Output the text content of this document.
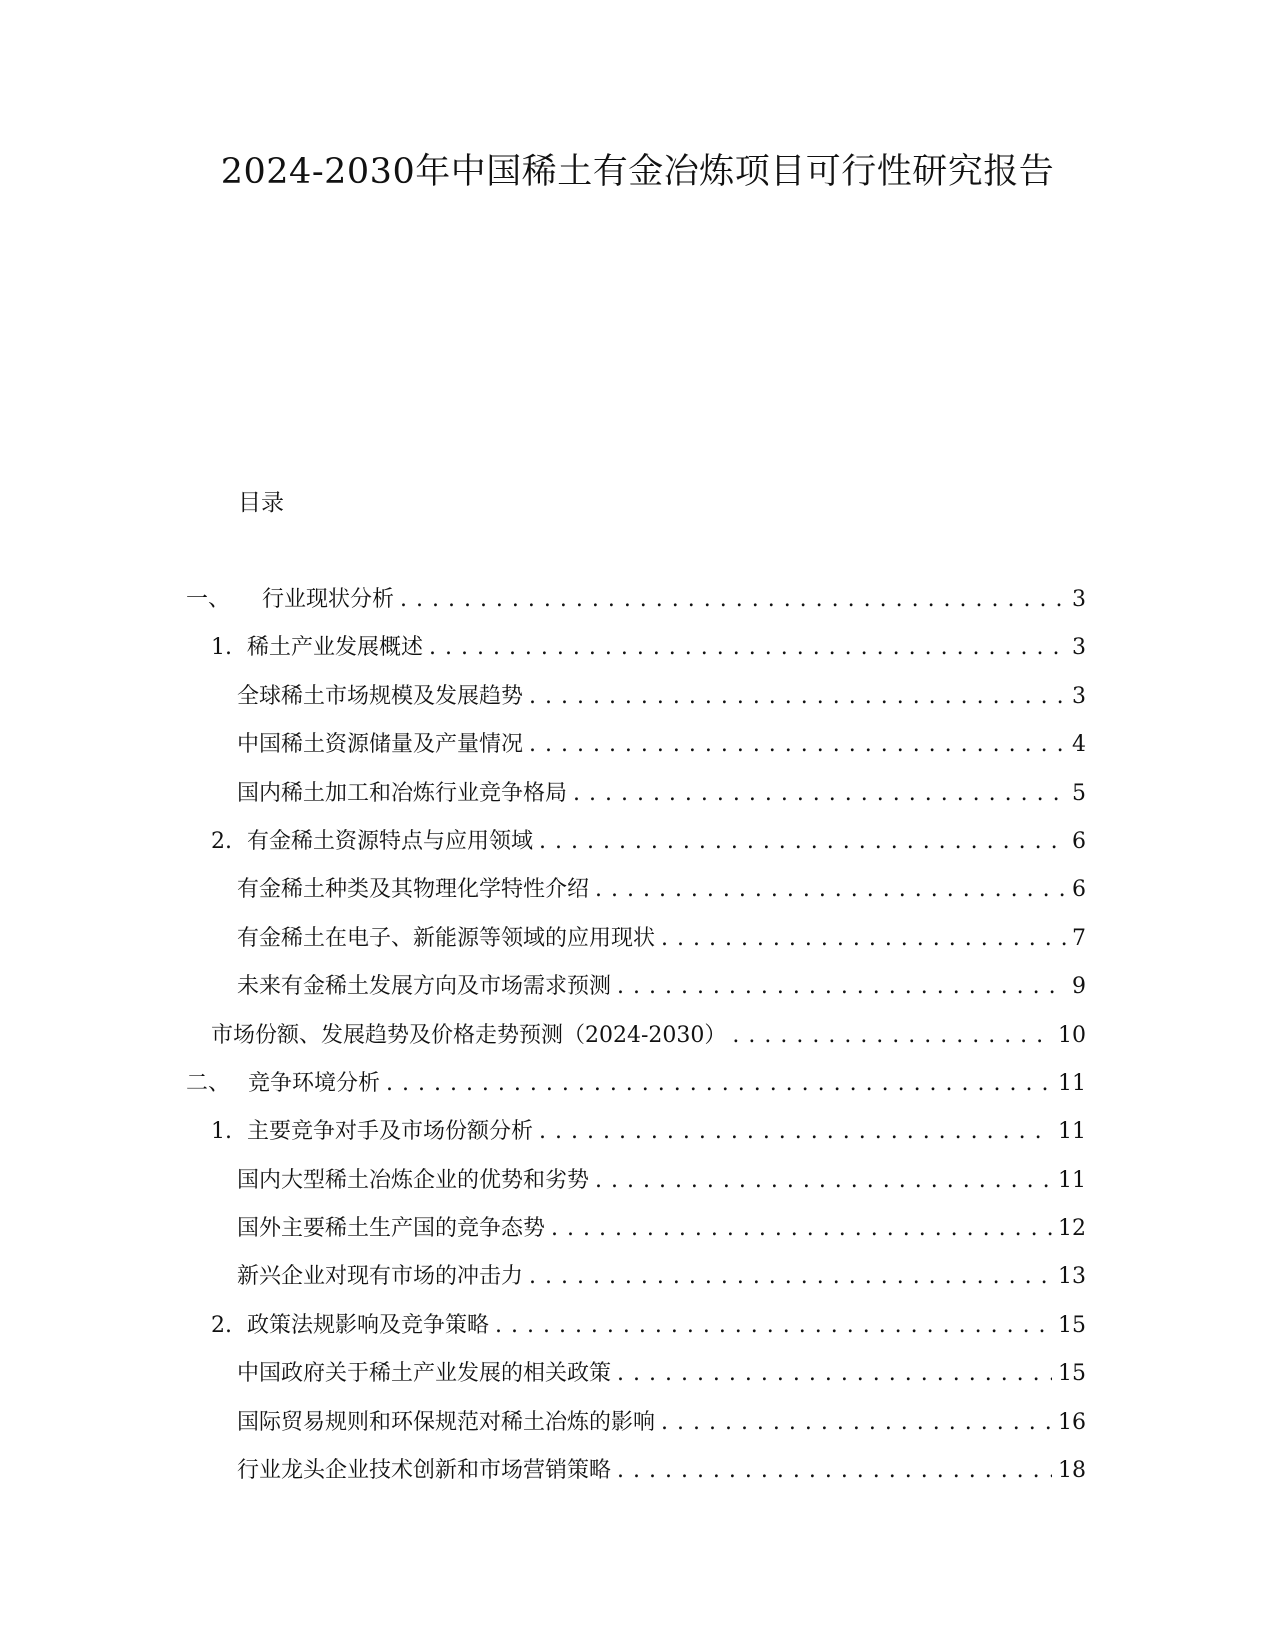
2024-2030年中国稀土有金冶炼项目可行性研究报告
目录
一、	行业现状分析 . . .	3
1. 稀土产业发展概述 . . .	3
全球稀土市场规模及发展趋势 . . .	3
中国稀土资源储量及产量情况 . . .	4
国内稀土加工和冶炼行业竞争格局 . . .	5
2. 有金稀土资源特点与应用领域 . . .	6
有金稀土种类及其物理化学特性介绍 . . .	6
有金稀土在电子、新能源等领域的应用现状 . . .	7
未来有金稀土发展方向及市场需求预测 . . .	9
市场份额、发展趋势及价格走势预测（2024-2030） . . .	10
二、 竞争环境分析 . . .	11
1. 主要竞争对手及市场份额分析 . . .	11
国内大型稀土冶炼企业的优势和劣势 . . .	11
国外主要稀土生产国的竞争态势 . . .	12
新兴企业对现有市场的冲击力 . . .	13
2. 政策法规影响及竞争策略 . . .	15
中国政府关于稀土产业发展的相关政策 . . .	15
国际贸易规则和环保规范对稀土冶炼的影响 . . .	16
行业龙头企业技术创新和市场营销策略 . . .	18
